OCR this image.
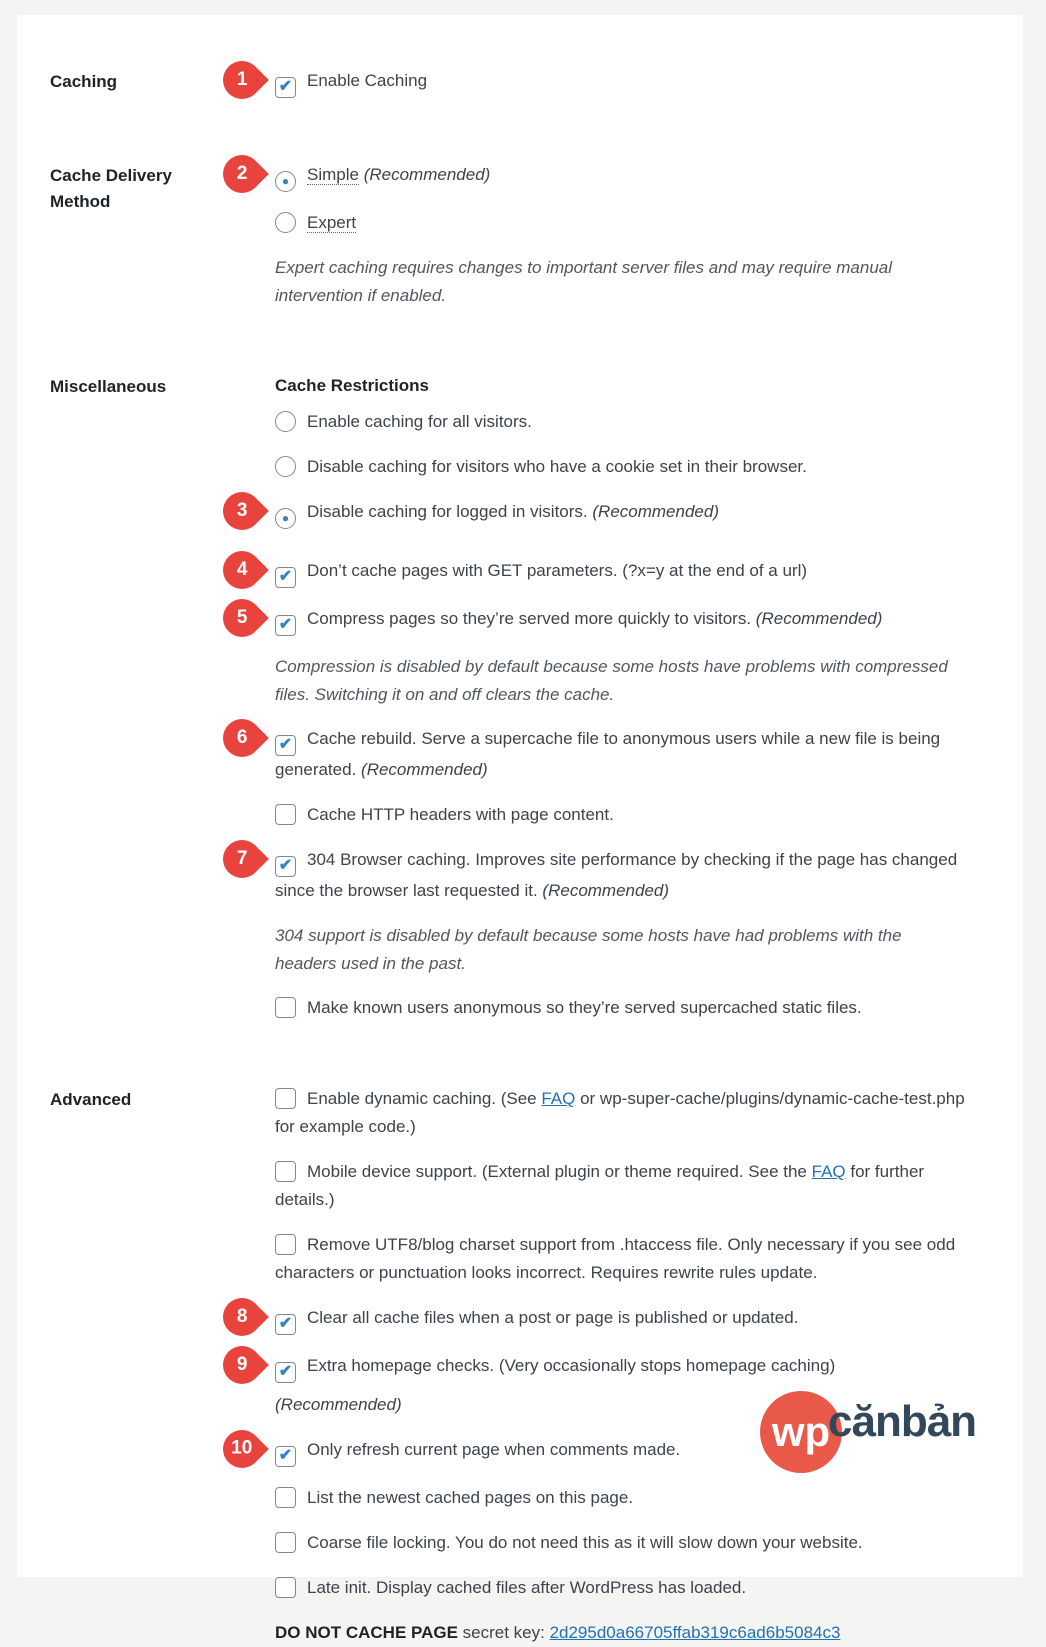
Caching	1 ✔ Enable Caching
Cache Delivery Method
2	●	Simple (Recommended)
Expert
Expert caching requires changes to important server files and may require manual intervention if enabled.
Miscellaneous	Cache Restrictions
Enable caching for all visitors.
Disable caching for visitors who have a cookie set in their browser.
3	●	Disable caching for logged in visitors. (Recommended)
4 ✔ Don’t cache pages with GET parameters. (?x=y at the end of a url)
5 ✔ Compress pages so they’re served more quickly to visitors. (Recommended)
Compression is disabled by default because some hosts have problems with compressed files. Switching it on and off clears the cache.
6 ✔ Cache rebuild. Serve a supercache file to anonymous users while a new file is being generated. (Recommended)
Cache HTTP headers with page content.
7 ✔ 304 Browser caching. Improves site performance by checking if the page has changed since the browser last requested it. (Recommended)
304 support is disabled by default because some hosts have had problems with the headers used in the past.
Make known users anonymous so they’re served supercached static files.
Advanced	Enable dynamic caching. (See FAQ or wp-super-cache/plugins/dynamic-cache-test.php for example code.)
Mobile device support. (External plugin or theme required. See the FAQ for further details.)
Remove UTF8/blog charset support from .htaccess file. Only necessary if you see odd characters or punctuation looks incorrect. Requires rewrite rules update.
8 ✔ Clear all cache files when a post or page is published or updated.
9 ✔ Extra homepage checks. (Very occasionally stops homepage caching)
(Recommended)
10 ✔ Only refresh current page when comments made.
List the newest cached pages on this page.
Coarse file locking. You do not need this as it will slow down your website.
Late init. Display cached files after WordPress has loaded.
DO NOT CACHE PAGE secret key: 2d295d0a66705ffab319c6ad6b5084c3
wp
cănbản
